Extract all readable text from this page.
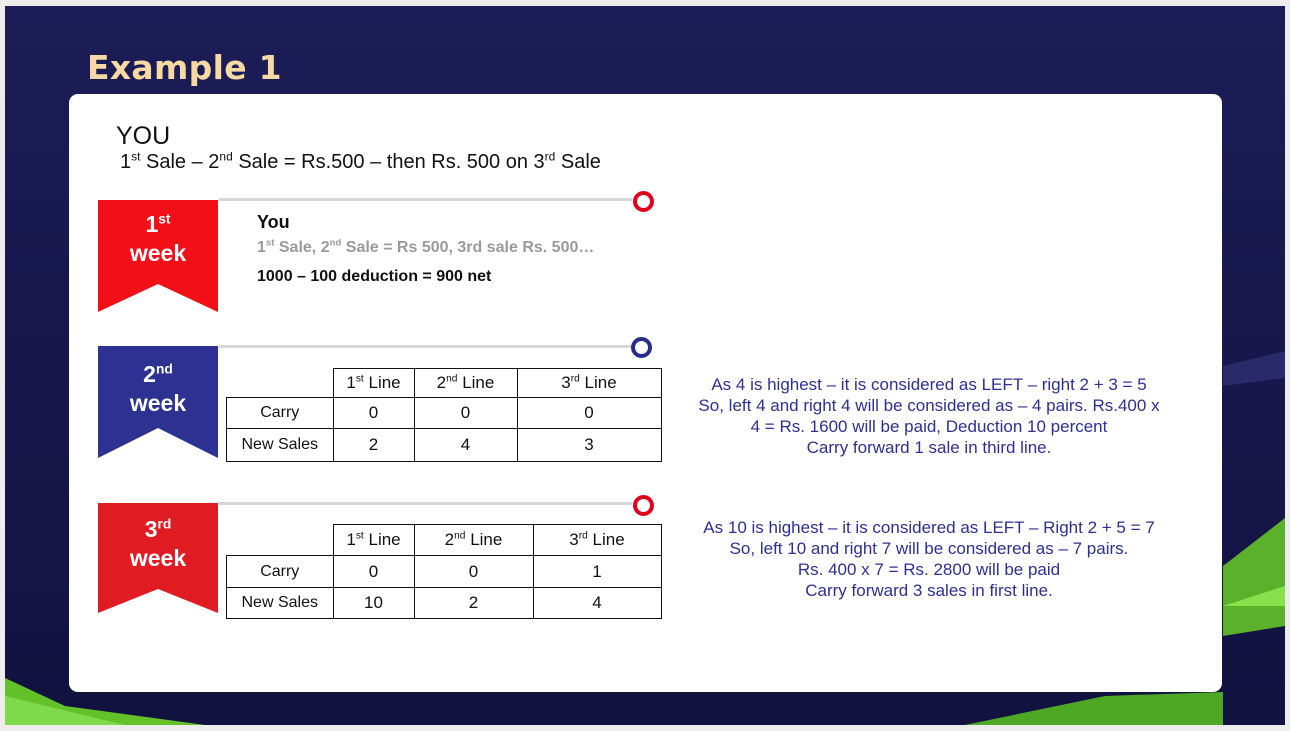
Example 1
YOU

1st Sale – 2nd Sale = Rs.500 – then Rs. 500 on 3rd Sale

1st
week

You

1st Sale, 2nd Sale = Rs 500, 3rd sale Rs. 500…

1000 – 100 deduction = 900 net

2nd
week
	1st Line	2nd Line	3rd Line
Carry	0	0	0
New Sales	2	4	3
As 4 is highest – it is considered as LEFT – right 2 + 3 = 5
So, left 4 and right 4 will be considered as – 4 pairs. Rs.400 x
4 = Rs. 1600 will be paid, Deduction 10 percent
Carry forward 1 sale in third line.
3rd
week
	1st Line	2nd Line	3rd Line
Carry	0	0	1
New Sales	10	2	4
As 10 is highest – it is considered as LEFT – Right 2 + 5 = 7
So, left 10 and right 7 will be considered as – 7 pairs.
Rs. 400 x 7 = Rs. 2800 will be paid
Carry forward 3 sales in first line.
